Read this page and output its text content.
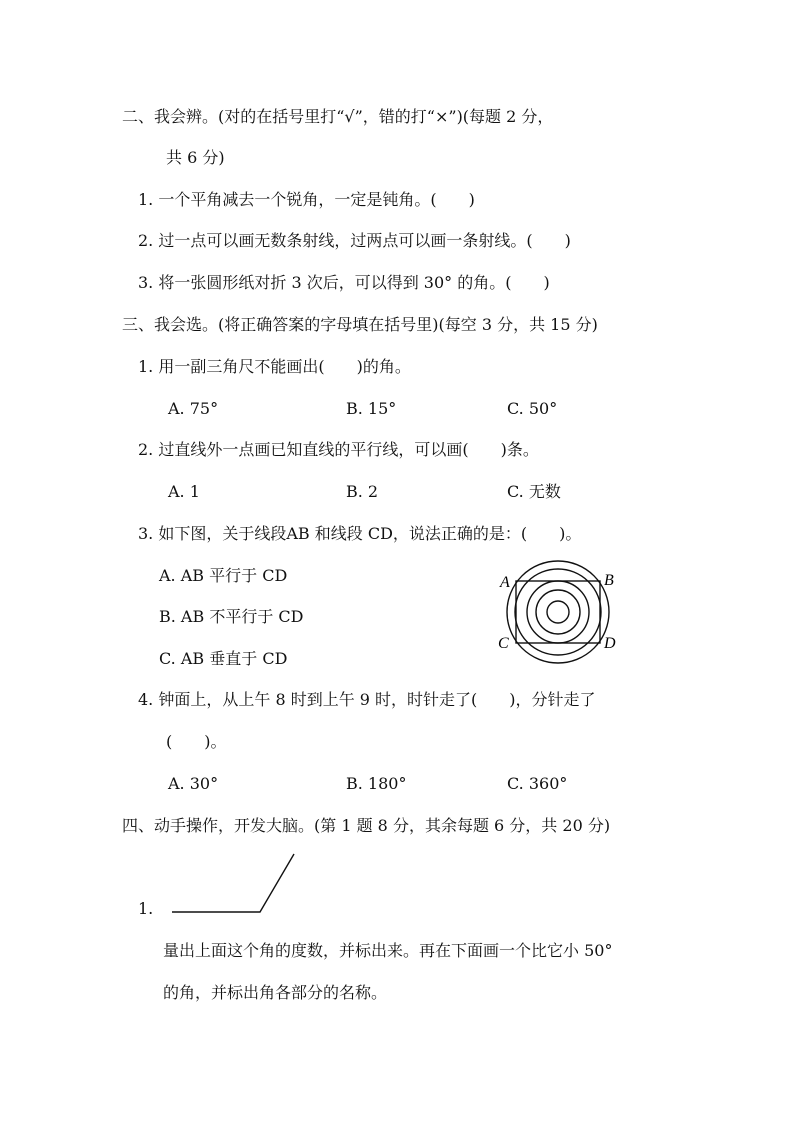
二、我会辨。(对的在括号里打“√”，错的打“×”)(每题 2 分，
共 6 分)
1. 一个平角减去一个锐角，一定是钝角。(　　)
2. 过一点可以画无数条射线，过两点可以画一条射线。(　　)
3. 将一张圆形纸对折 3 次后，可以得到 30° 的角。(　　)
三、我会选。(将正确答案的字母填在括号里)(每空 3 分，共 15 分)
1. 用一副三角尺不能画出(　　)的角。
A. 75°	B. 15°	C. 50°
2. 过直线外一点画已知直线的平行线，可以画(　　)条。
A. 1	B. 2	C. 无数
3. 如下图，关于线段AB 和线段 CD，说法正确的是：(　　)。
A. AB 平行于 CD
B. AB 不平行于 CD
C. AB 垂直于 CD
A	B
C	D
4. 钟面上，从上午 8 时到上午 9 时，时针走了(　　)，分针走了
(　　)。
A. 30°	B. 180°	C. 360°
四、动手操作，开发大脑。(第 1 题 8 分，其余每题 6 分，共 20 分)
1.
量出上面这个角的度数，并标出来。再在下面画一个比它小 50°
的角，并标出角各部分的名称。
